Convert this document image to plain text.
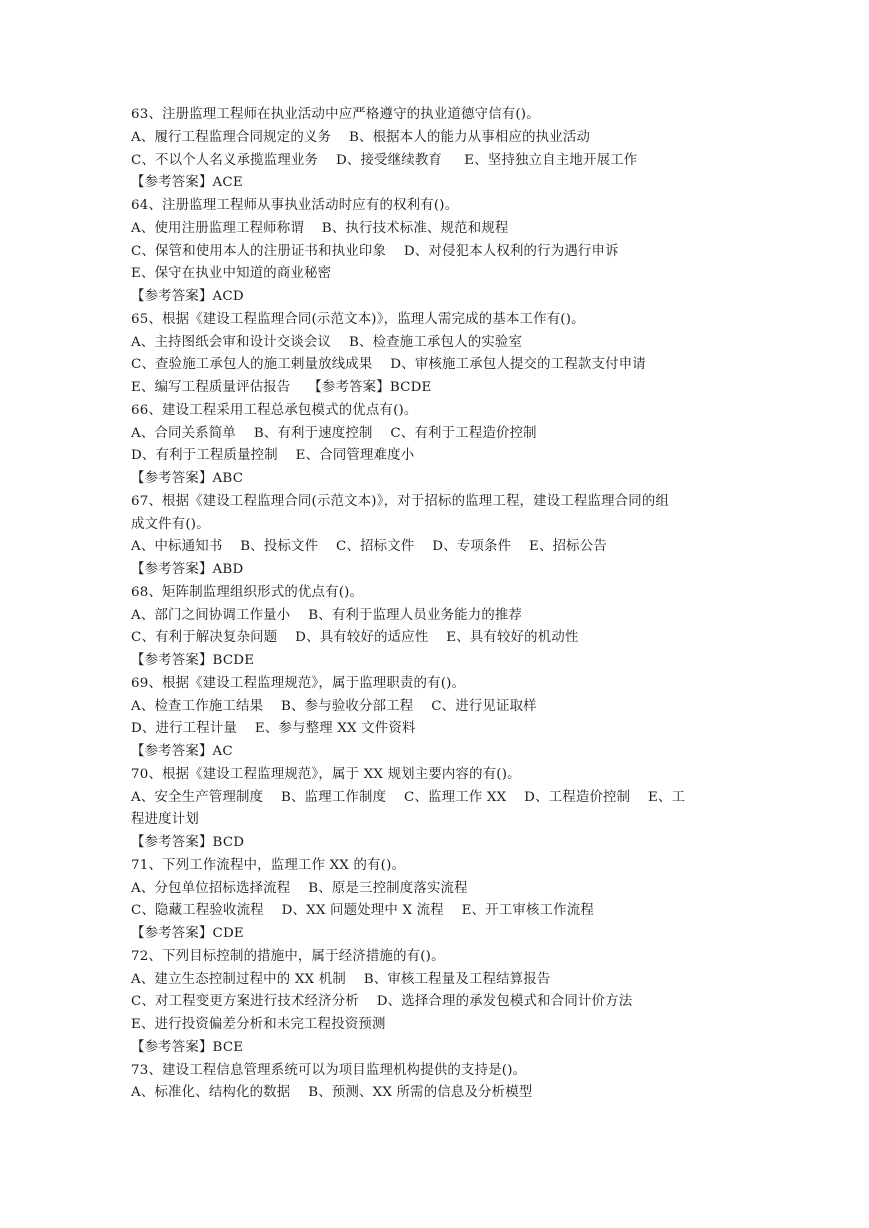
63、注册监理工程师在执业活动中应严格遵守的执业道德守信有()。
A、履行工程监理合同规定的义务    B、根据本人的能力从事相应的执业活动
C、不以个人名义承揽监理业务    D、接受继续教育     E、坚持独立自主地开展工作
【参考答案】ACE
64、注册监理工程师从事执业活动时应有的权利有()。
A、使用注册监理工程师称谓    B、执行技术标准、规范和规程
C、保管和使用本人的注册证书和执业印象    D、对侵犯本人权利的行为遇行申诉
E、保守在执业中知道的商业秘密
【参考答案】ACD
65、根据《建设工程监理合同(示范文本)》，监理人需完成的基本工作有()。
A、主持图纸会审和设计交谈会议    B、检查施工承包人的实验室
C、查验施工承包人的施工剌量放线成果    D、审核施工承包人提交的工程款支付申请
E、编写工程质量评估报告    【参考答案】BCDE
66、建设工程采用工程总承包模式的优点有()。
A、合同关系简单    B、有利于速度控制    C、有利于工程造价控制
D、有利于工程质量控制    E、合同管理难度小
【参考答案】ABC
67、根据《建设工程监理合同(示范文本)》，对于招标的监理工程，建设工程监理合同的组
成文件有()。
A、中标通知书    B、投标文件    C、招标文件    D、专项条件    E、招标公告
【参考答案】ABD
68、矩阵制监理组织形式的优点有()。
A、部门之间协调工作量小    B、有利于监理人员业务能力的推荐
C、有利于解决复杂问题    D、具有较好的适应性    E、具有较好的机动性
【参考答案】BCDE
69、根据《建设工程监理规范》，属于监理职责的有()。
A、检查工作施工结果    B、参与验收分部工程    C、进行见证取样
D、进行工程计量    E、参与整理 XX 文件资料
【参考答案】AC
70、根据《建设工程监理规范》，属于 XX 规划主要内容的有()。
A、安全生产管理制度    B、监理工作制度    C、监理工作 XX    D、工程造价控制    E、工
程进度计划
【参考答案】BCD
71、下列工作流程中，监理工作 XX 的有()。
A、分包单位招标选择流程    B、原是三控制度落实流程
C、隐藏工程验收流程    D、XX 问题处理中 X 流程    E、开工审核工作流程
【参考答案】CDE
72、下列目标控制的措施中，属于经济措施的有()。
A、建立生态控制过程中的 XX 机制    B、审核工程量及工程结算报告
C、对工程变更方案进行技术经济分析    D、选择合理的承发包模式和合同计价方法
E、进行投资偏差分析和未完工程投资预测
【参考答案】BCE
73、建设工程信息管理系统可以为项目监理机构提供的支持是()。
A、标准化、结构化的数据    B、预测、XX 所需的信息及分析模型
